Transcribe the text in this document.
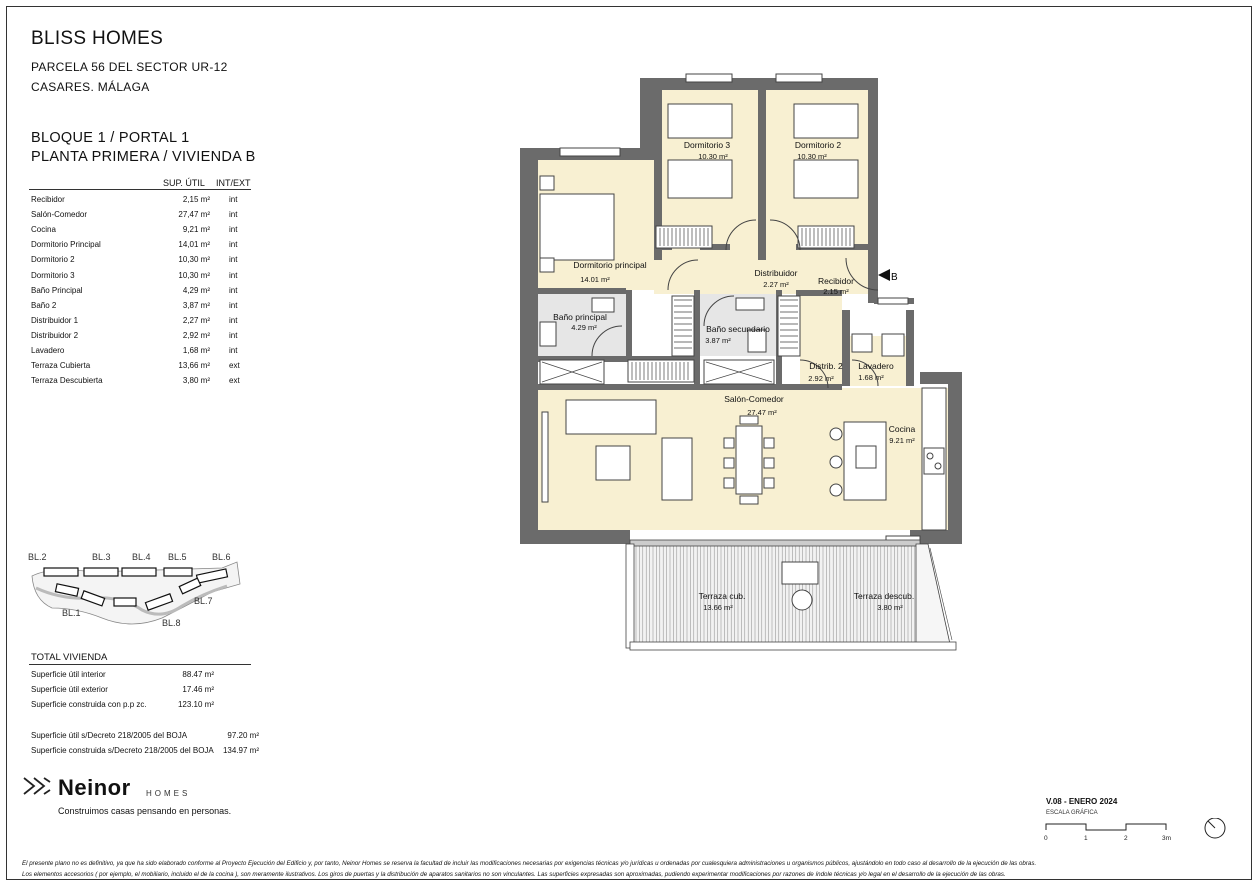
BLISS HOMES
PARCELA 56 DEL SECTOR UR-12
CASARES. MÁLAGA
BLOQUE 1 / PORTAL 1
PLANTA PRIMERA / VIVIENDA B
SUP. ÚTIL INT/EXT
Recibidor	2,15 m² int
Salón-Comedor	27,47 m² int
Cocina	9,21 m² int
Dormitorio Principal	14,01 m² int
Dormitorio 2	10,30 m² int
Dormitorio 3	10,30 m² int
Baño Principal	4,29 m² int
Baño 2	3,87 m² int
Distribuidor 1	2,27 m² int
Distribuidor 2	2,92 m² int
Lavadero	1,68 m² int
Terraza Cubierta	13,66 m² ext
Terraza Descubierta	3,80 m² ext
BL.2	BL.3 BL.4 BL.5	BL.6
BL.7
BL.1
BL.8
TOTAL VIVIENDA
Superficie útil interior	88.47 m²
Superficie útil exterior	17.46 m²
Superficie construida con p.p zc.	123.10 m²
Superficie útil s/Decreto 218/2005 del BOJA	97.20 m²
Superficie construida s/Decreto 218/2005 del BOJA 134.97 m²
Neinor HOMES
Construimos casas pensando en personas.
B
Dormitorio 3
10.30 m²
Dormitorio 2
10.30 m²
Dormitorio principal
14.01 m²
Distribuidor
2.27 m²	Recibidor
2.15 m²
Baño principal
4.29 m²	Baño secundario
3.87 m²
Distrib. 2
2.92 m²
Lavadero
1.68 m²
Salón-Comedor
27.47 m²
Cocina
9.21 m²
Terraza cub.
13.66 m²
Terraza descub.
3.80 m²
V.08 - ENERO 2024
ESCALA GRÁFICA
0	1	2	3m
El presente plano no es definitivo, ya que ha sido elaborado conforme al Proyecto Ejecución del Edificio y, por tanto, Neinor Homes se reserva la facultad de incluir las modificaciones necesarias por exigencias técnicas y/o jurídicas u ordenadas por cualesquiera administraciones u organismos públicos, ajustándolo en todo caso al desarrollo de la ejecución de las obras.
Los elementos accesorios ( por ejemplo, el mobiliario, incluido el de la cocina ), son meramente ilustrativos. Los giros de puertas y la distribución de aparatos sanitarios no son vinculantes. Las superficies expresadas son aproximadas, pudiendo experimentar modificaciones por razones de índole técnicas y/o legal en el desarrollo de la ejecución de las obras.
